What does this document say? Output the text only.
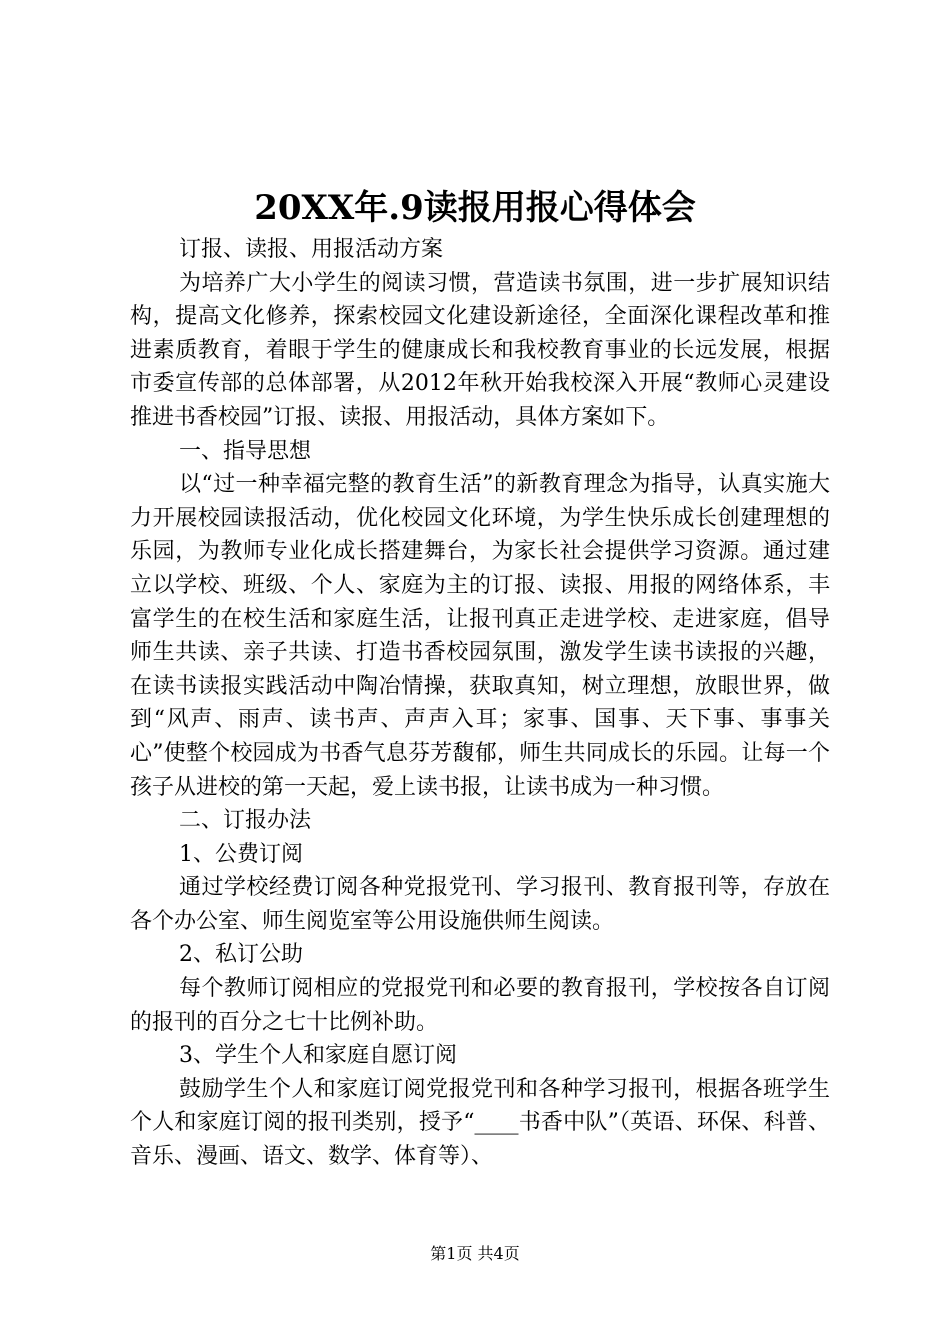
20XX年.9读报用报心得体会

订报、读报、用报活动方案

为培养广大小学生的阅读习惯，营造读书氛围，进一步扩展知识结构，提高文化修养，探索校园文化建设新途径，全面深化课程改革和推进素质教育，着眼于学生的健康成长和我校教育事业的长远发展，根据市委宣传部的总体部署，从2012年秋开始我校深入开展“教师心灵建设推进书香校园”订报、读报、用报活动，具体方案如下。

一、指导思想

以“过一种幸福完整的教育生活”的新教育理念为指导，认真实施大力开展校园读报活动，优化校园文化环境，为学生快乐成长创建理想的乐园，为教师专业化成长搭建舞台，为家长社会提供学习资源。通过建立以学校、班级、个人、家庭为主的订报、读报、用报的网络体系，丰富学生的在校生活和家庭生活，让报刊真正走进学校、走进家庭，倡导师生共读、亲子共读、打造书香校园氛围，激发学生读书读报的兴趣，在读书读报实践活动中陶冶情操，获取真知，树立理想，放眼世界，做到“风声、雨声、读书声、声声入耳；家事、国事、天下事、事事关心”使整个校园成为书香气息芬芳馥郁，师生共同成长的乐园。让每一个孩子从进校的第一天起，爱上读书报，让读书成为一种习惯。

二、订报办法

1、公费订阅

通过学校经费订阅各种党报党刊、学习报刊、教育报刊等，存放在各个办公室、师生阅览室等公用设施供师生阅读。

2、私订公助

每个教师订阅相应的党报党刊和必要的教育报刊，学校按各自订阅的报刊的百分之七十比例补助。

3、学生个人和家庭自愿订阅

鼓励学生个人和家庭订阅党报党刊和各种学习报刊，根据各班学生个人和家庭订阅的报刊类别，授予“____书香中队”（英语、环保、科普、音乐、漫画、语文、数学、体育等）、

第1页 共4页
